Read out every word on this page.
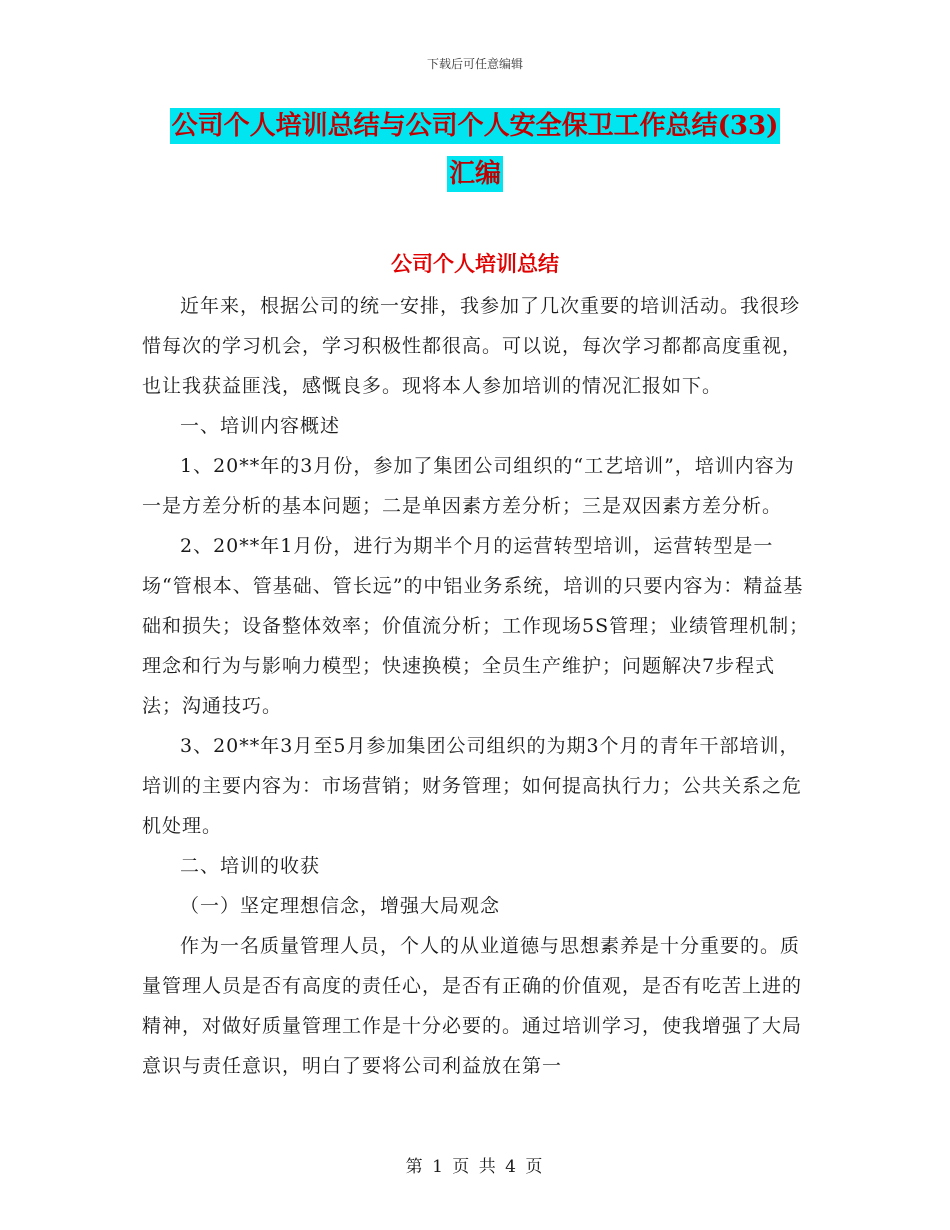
下载后可任意编辑
公司个人培训总结与公司个人安全保卫工作总结(33)
汇编
公司个人培训总结

近年来，根据公司的统一安排，我参加了几次重要的培训活动。我很珍惜每次的学习机会，学习积极性都很高。可以说，每次学习都都高度重视，也让我获益匪浅，感慨良多。现将本人参加培训的情况汇报如下。

一、培训内容概述

1、20**年的3月份，参加了集团公司组织的“工艺培训”，培训内容为一是方差分析的基本问题；二是单因素方差分析；三是双因素方差分析。

2、20**年1月份，进行为期半个月的运营转型培训，运营转型是一场“管根本、管基础、管长远”的中铝业务系统，培训的只要内容为：精益基础和损失；设备整体效率；价值流分析；工作现场5S管理；业绩管理机制；理念和行为与影响力模型；快速换模；全员生产维护；问题解决7步程式法；沟通技巧。

3、20**年3月至5月参加集团公司组织的为期3个月的青年干部培训，培训的主要内容为：市场营销；财务管理；如何提高执行力；公共关系之危机处理。

二、培训的收获

（一）坚定理想信念，增强大局观念

作为一名质量管理人员，个人的从业道德与思想素养是十分重要的。质量管理人员是否有高度的责任心，是否有正确的价值观，是否有吃苦上进的精神，对做好质量管理工作是十分必要的。通过培训学习，使我增强了大局意识与责任意识，明白了要将公司利益放在第一

第 1 页 共 4 页
